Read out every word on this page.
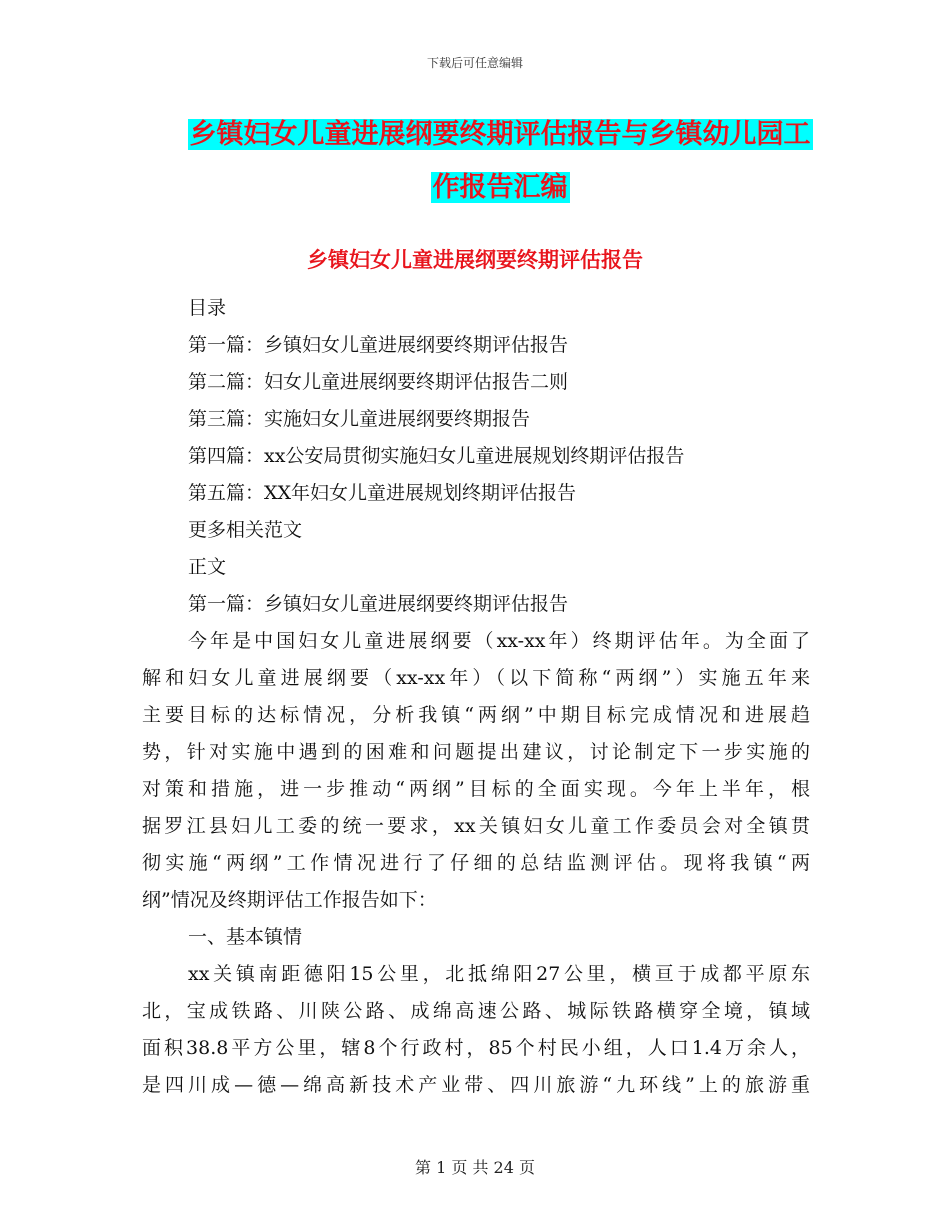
下载后可任意编辑
乡镇妇女儿童进展纲要终期评估报告与乡镇幼儿园工
作报告汇编
乡镇妇女儿童进展纲要终期评估报告
目录
第一篇：乡镇妇女儿童进展纲要终期评估报告
第二篇：妇女儿童进展纲要终期评估报告二则
第三篇：实施妇女儿童进展纲要终期报告
第四篇：xx公安局贯彻实施妇女儿童进展规划终期评估报告
第五篇：XX年妇女儿童进展规划终期评估报告
更多相关范文
正文
第一篇：乡镇妇女儿童进展纲要终期评估报告
今年是中国妇女儿童进展纲要（xx-xx年）终期评估年。为全面了
解和妇女儿童进展纲要（xx-xx年）（以下简称“两纲”）实施五年来
主要目标的达标情况，分析我镇“两纲”中期目标完成情况和进展趋
势，针对实施中遇到的困难和问题提出建议，讨论制定下一步实施的
对策和措施，进一步推动“两纲”目标的全面实现。今年上半年，根
据罗江县妇儿工委的统一要求，xx关镇妇女儿童工作委员会对全镇贯
彻实施“两纲”工作情况进行了仔细的总结监测评估。现将我镇“两
纲”情况及终期评估工作报告如下：
一、基本镇情
xx关镇南距德阳15公里，北抵绵阳27公里，横亘于成都平原东
北，宝成铁路、川陕公路、成绵高速公路、城际铁路横穿全境，镇域
面积38.8平方公里，辖8个行政村，85个村民小组，人口1.4万余人，
是四川成—德—绵高新技术产业带、四川旅游“九环线”上的旅游重
第 1 页 共 24 页
